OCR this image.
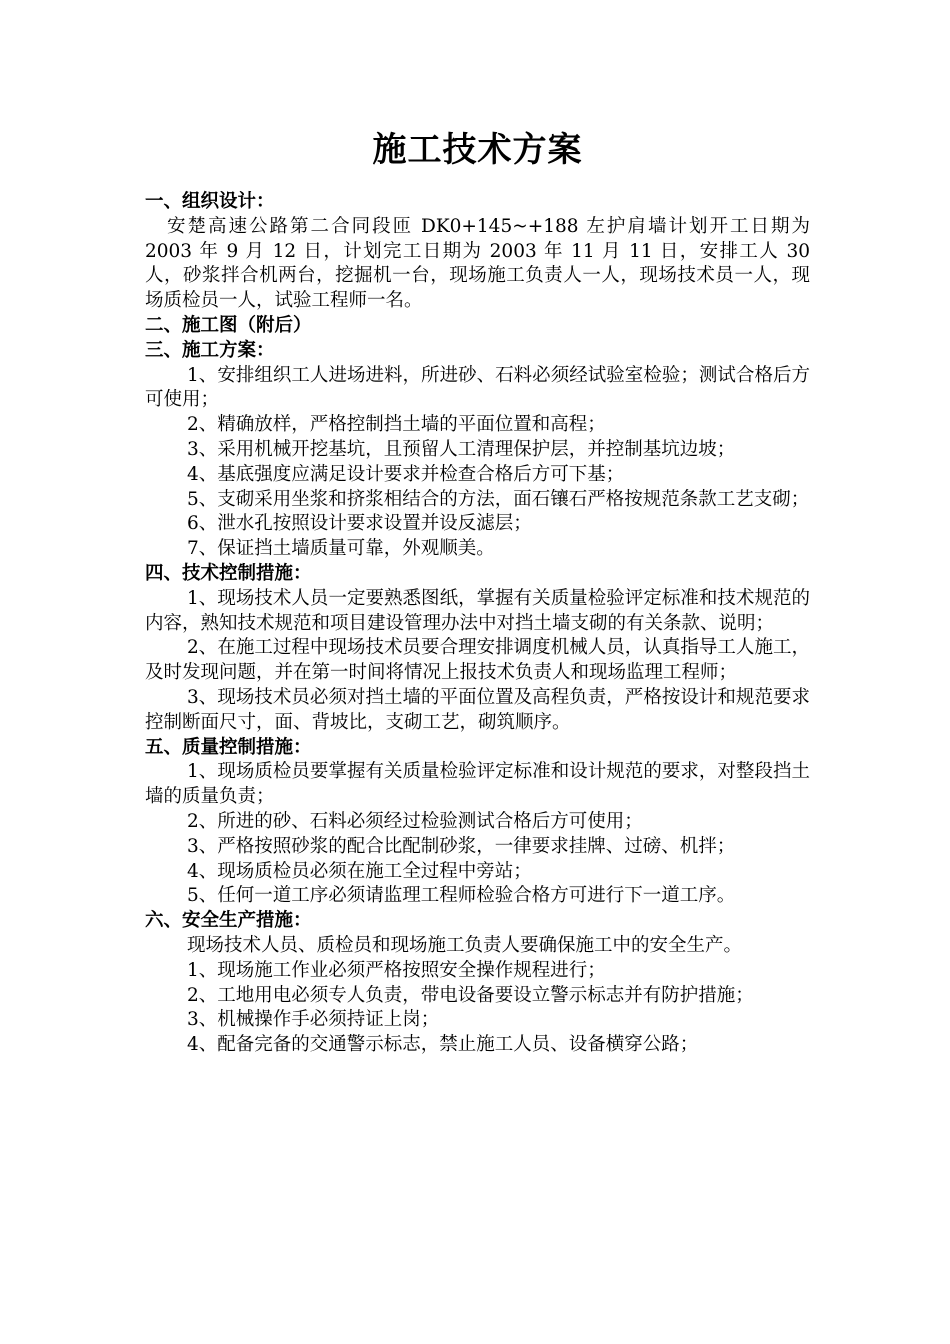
施工技术方案

一、组织设计：

安楚高速公路第二合同段匝 DK0+145~+188 左护肩墙计划开工日期为 2003 年 9 月 12 日，计划完工日期为 2003 年 11 月 11 日，安排工人 30 人，砂浆拌合机两台，挖掘机一台，现场施工负责人一人，现场技术员一人，现场质检员一人，试验工程师一名。

二、施工图（附后）

三、施工方案：

1、安排组织工人进场进料，所进砂、石料必须经试验室检验；测试合格后方可使用；

2、精确放样，严格控制挡土墙的平面位置和高程；

3、采用机械开挖基坑，且预留人工清理保护层，并控制基坑边坡；

4、基底强度应满足设计要求并检查合格后方可下基；

5、支砌采用坐浆和挤浆相结合的方法，面石镶石严格按规范条款工艺支砌；

6、泄水孔按照设计要求设置并设反滤层；

7、保证挡土墙质量可靠，外观顺美。

四、技术控制措施：

1、现场技术人员一定要熟悉图纸，掌握有关质量检验评定标准和技术规范的内容，熟知技术规范和项目建设管理办法中对挡土墙支砌的有关条款、说明；

2、在施工过程中现场技术员要合理安排调度机械人员，认真指导工人施工，及时发现问题，并在第一时间将情况上报技术负责人和现场监理工程师；

3、现场技术员必须对挡土墙的平面位置及高程负责，严格按设计和规范要求控制断面尺寸，面、背坡比，支砌工艺，砌筑顺序。

五、质量控制措施：

1、现场质检员要掌握有关质量检验评定标准和设计规范的要求，对整段挡土墙的质量负责；

2、所进的砂、石料必须经过检验测试合格后方可使用；

3、严格按照砂浆的配合比配制砂浆，一律要求挂牌、过磅、机拌；

4、现场质检员必须在施工全过程中旁站；

5、任何一道工序必须请监理工程师检验合格方可进行下一道工序。

六、安全生产措施：

现场技术人员、质检员和现场施工负责人要确保施工中的安全生产。

1、现场施工作业必须严格按照安全操作规程进行；

2、工地用电必须专人负责，带电设备要设立警示标志并有防护措施；

3、机械操作手必须持证上岗；

4、配备完备的交通警示标志，禁止施工人员、设备横穿公路；
